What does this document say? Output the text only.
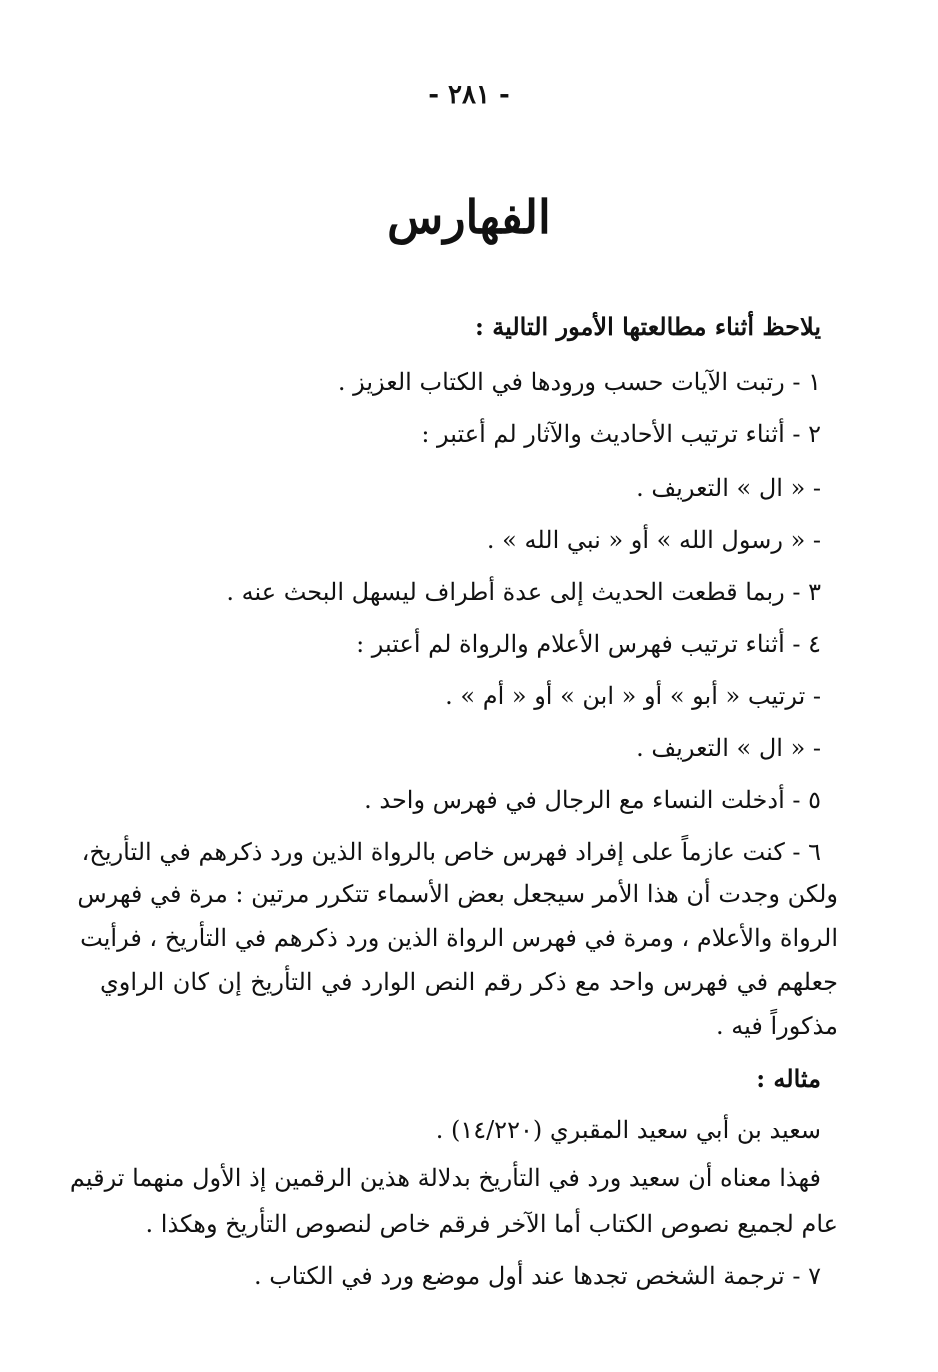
- ٢٨١ -
الفهارس
يلاحظ أثناء مطالعتها الأمور التالية :
١ - رتبت الآيات حسب ورودها في الكتاب العزيز .
٢ - أثناء ترتيب الأحاديث والآثار لم أعتبر :
- « ال » التعريف .
- « رسول الله » أو « نبي الله » .
٣ - ربما قطعت الحديث إلى عدة أطراف ليسهل البحث عنه .
٤ - أثناء ترتيب فهرس الأعلام والرواة لم أعتبر :
- ترتيب « أبو » أو « ابن » أو « أم » .
- « ال » التعريف .
٥ - أدخلت النساء مع الرجال في فهرس واحد .
٦ - كنت عازماً على إفراد فهرس خاص بالرواة الذين ورد ذكرهم في التأريخ،
ولكن وجدت أن هذا الأمر سيجعل بعض الأسماء تتكرر مرتين : مرة في فهرس
الرواة والأعلام ، ومرة في فهرس الرواة الذين ورد ذكرهم في التأريخ ، فرأيت
جعلهم في فهرس واحد مع ذكر رقم النص الوارد في التأريخ إن كان الراوي
مذكوراً فيه .
مثاله :
سعيد بن أبي سعيد المقبري (١٤/٢٢٠) .
فهذا معناه أن سعيد ورد في التأريخ بدلالة هذين الرقمين إذ الأول منهما ترقيم
عام لجميع نصوص الكتاب أما الآخر فرقم خاص لنصوص التأريخ وهكذا .
٧ - ترجمة الشخص تجدها عند أول موضع ورد في الكتاب .
